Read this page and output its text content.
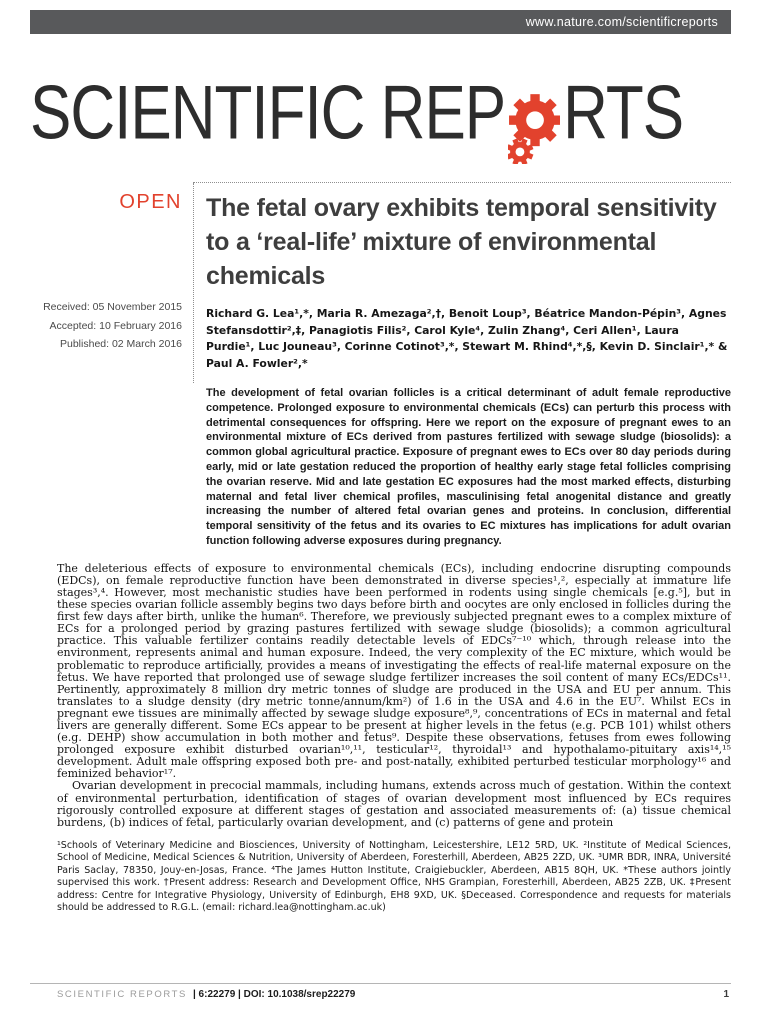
www.nature.com/scientificreports
SCIENTIFIC REP RTS
OPEN
Received: 05 November 2015
Accepted: 10 February 2016
Published: 02 March 2016
The fetal ovary exhibits temporal sensitivity to a ‘real-life’ mixture of environmental chemicals

Richard G. Lea¹,*, Maria R. Amezaga²,†, Benoit Loup³, Béatrice Mandon-Pépin³, Agnes Stefansdottir²,‡, Panagiotis Filis², Carol Kyle⁴, Zulin Zhang⁴, Ceri Allen¹, Laura Purdie¹, Luc Jouneau³, Corinne Cotinot³,*, Stewart M. Rhind⁴,*,§, Kevin D. Sinclair¹,* & Paul A. Fowler²,*

The development of fetal ovarian follicles is a critical determinant of adult female reproductive competence. Prolonged exposure to environmental chemicals (ECs) can perturb this process with detrimental consequences for offspring. Here we report on the exposure of pregnant ewes to an environmental mixture of ECs derived from pastures fertilized with sewage sludge (biosolids): a common global agricultural practice. Exposure of pregnant ewes to ECs over 80 day periods during early, mid or late gestation reduced the proportion of healthy early stage fetal follicles comprising the ovarian reserve. Mid and late gestation EC exposures had the most marked effects, disturbing maternal and fetal liver chemical profiles, masculinising fetal anogenital distance and greatly increasing the number of altered fetal ovarian genes and proteins. In conclusion, differential temporal sensitivity of the fetus and its ovaries to EC mixtures has implications for adult ovarian function following adverse exposures during pregnancy.

The deleterious effects of exposure to environmental chemicals (ECs), including endocrine disrupting compounds (EDCs), on female reproductive function have been demonstrated in diverse species¹,², especially at immature life stages³,⁴. However, most mechanistic studies have been performed in rodents using single chemicals [e.g.⁵], but in these species ovarian follicle assembly begins two days before birth and oocytes are only enclosed in follicles during the first few days after birth, unlike the human⁶. Therefore, we previously subjected pregnant ewes to a complex mixture of ECs for a prolonged period by grazing pastures fertilized with sewage sludge (biosolids); a common agricultural practice. This valuable fertilizer contains readily detectable levels of EDCs⁷⁻¹⁰ which, through release into the environment, represents animal and human exposure. Indeed, the very complexity of the EC mixture, which would be problematic to reproduce artificially, provides a means of investigating the effects of real-life maternal exposure on the fetus. We have reported that prolonged use of sewage sludge fertilizer increases the soil content of many ECs/EDCs¹¹. Pertinently, approximately 8 million dry metric tonnes of sludge are produced in the USA and EU per annum. This translates to a sludge density (dry metric tonne/annum/km²) of 1.6 in the USA and 4.6 in the EU⁷. Whilst ECs in pregnant ewe tissues are minimally affected by sewage sludge exposure⁸,⁹, concentrations of ECs in maternal and fetal livers are generally different. Some ECs appear to be present at higher levels in the fetus (e.g. PCB 101) whilst others (e.g. DEHP) show accumulation in both mother and fetus⁹. Despite these observations, fetuses from ewes following prolonged exposure exhibit disturbed ovarian¹⁰,¹¹, testicular¹², thyroidal¹³ and hypothalamo-pituitary axis¹⁴,¹⁵ development. Adult male offspring exposed both pre- and post-natally, exhibited perturbed testicular morphology¹⁶ and feminized behavior¹⁷.

Ovarian development in precocial mammals, including humans, extends across much of gestation. Within the context of environmental perturbation, identification of stages of ovarian development most influenced by ECs requires rigorously controlled exposure at different stages of gestation and associated measurements of: (a) tissue chemical burdens, (b) indices of fetal, particularly ovarian development, and (c) patterns of gene and protein

¹Schools of Veterinary Medicine and Biosciences, University of Nottingham, Leicestershire, LE12 5RD, UK. ²Institute of Medical Sciences, School of Medicine, Medical Sciences & Nutrition, University of Aberdeen, Foresterhill, Aberdeen, AB25 2ZD, UK. ³UMR BDR, INRA, Université Paris Saclay, 78350, Jouy-en-Josas, France. ⁴The James Hutton Institute, Craigiebuckler, Aberdeen, AB15 8QH, UK. *These authors jointly supervised this work. †Present address: Research and Development Office, NHS Grampian, Foresterhill, Aberdeen, AB25 2ZB, UK. ‡Present address: Centre for Integrative Physiology, University of Edinburgh, EH8 9XD, UK. §Deceased. Correspondence and requests for materials should be addressed to R.G.L. (email: richard.lea@nottingham.ac.uk)
SCIENTIFIC REPORTS | 6:22279 | DOI: 10.1038/srep22279	1
